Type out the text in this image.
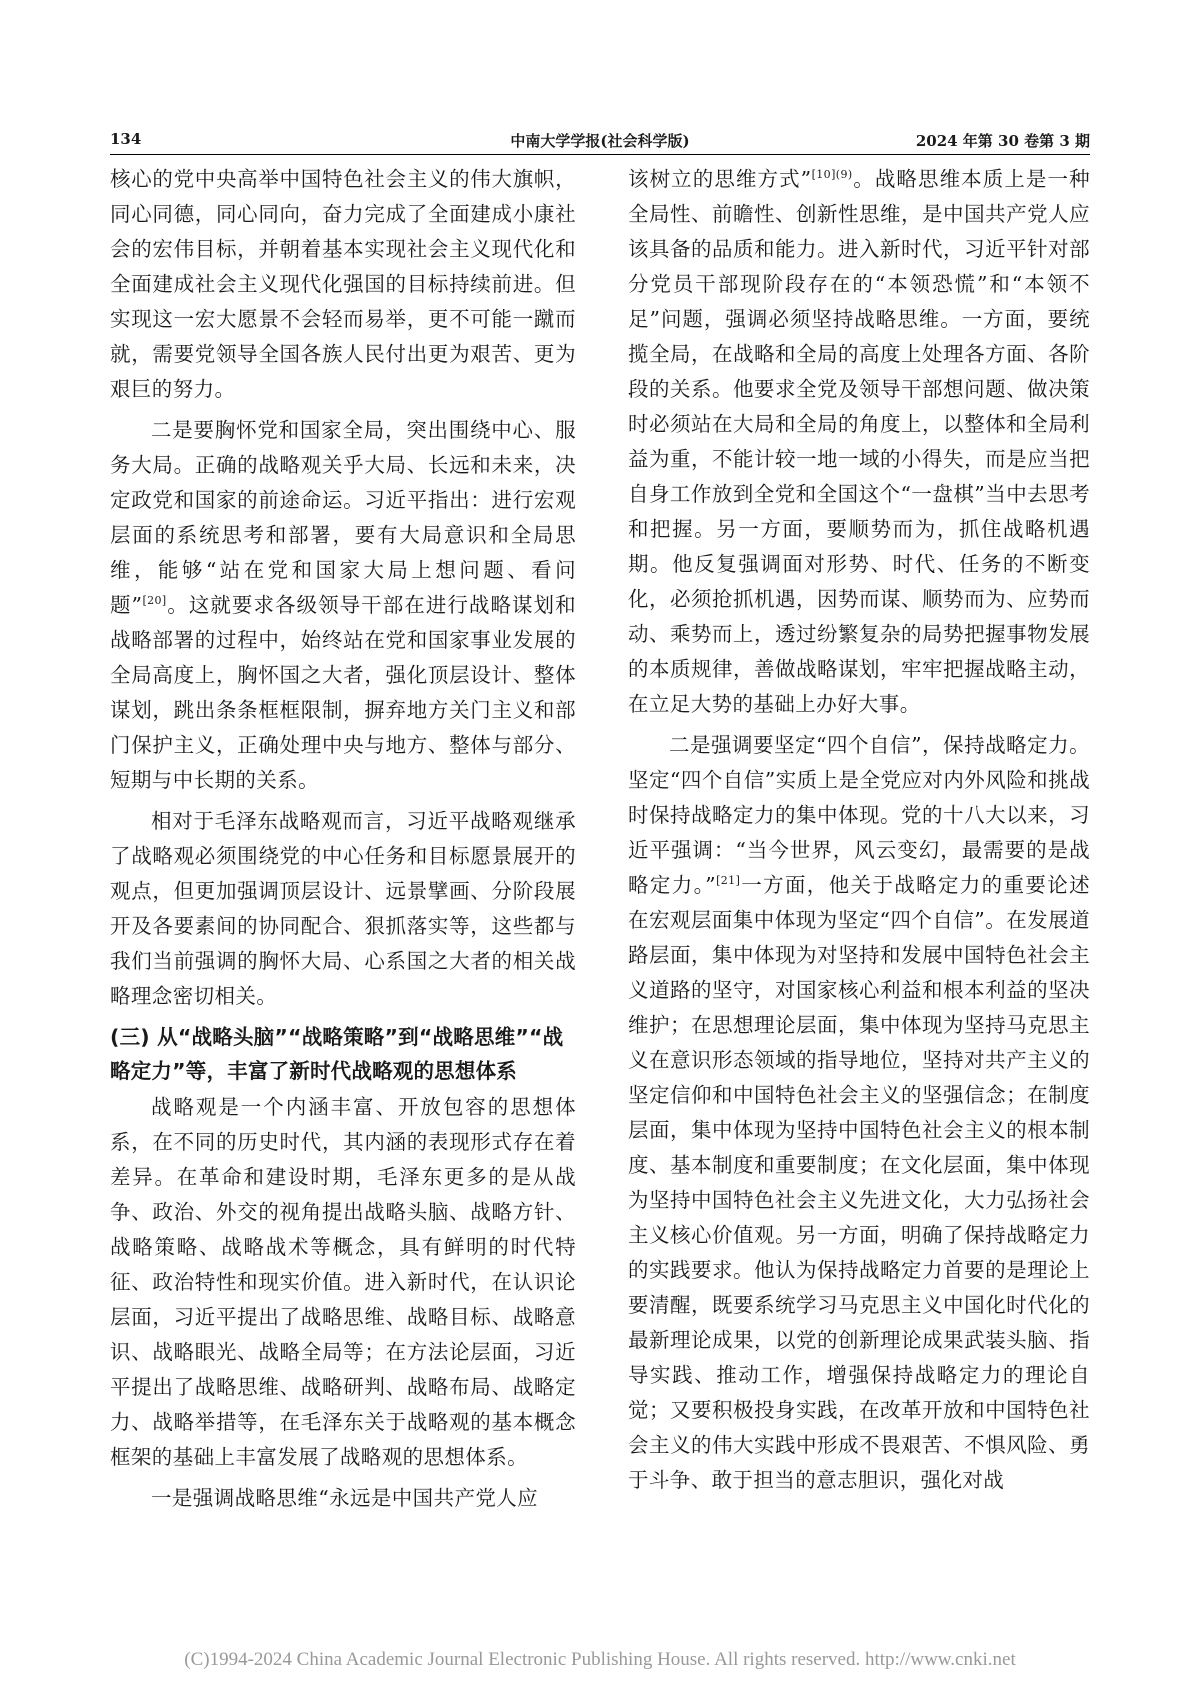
134	中南大学学报(社会科学版)	2024 年第 30 卷第 3 期

核心的党中央高举中国特色社会主义的伟大旗帜，同心同德，同心同向，奋力完成了全面建成小康社会的宏伟目标，并朝着基本实现社会主义现代化和全面建成社会主义现代化强国的目标持续前进。但实现这一宏大愿景不会轻而易举，更不可能一蹴而就，需要党领导全国各族人民付出更为艰苦、更为艰巨的努力。

二是要胸怀党和国家全局，突出围绕中心、服务大局。正确的战略观关乎大局、长远和未来，决定政党和国家的前途命运。习近平指出：进行宏观层面的系统思考和部署，要有大局意识和全局思维，能够“站在党和国家大局上想问题、看问题”[20]。这就要求各级领导干部在进行战略谋划和战略部署的过程中，始终站在党和国家事业发展的全局高度上，胸怀国之大者，强化顶层设计、整体谋划，跳出条条框框限制，摒弃地方关门主义和部门保护主义，正确处理中央与地方、整体与部分、短期与中长期的关系。

相对于毛泽东战略观而言，习近平战略观继承了战略观必须围绕党的中心任务和目标愿景展开的观点，但更加强调顶层设计、远景擘画、分阶段展开及各要素间的协同配合、狠抓落实等，这些都与我们当前强调的胸怀大局、心系国之大者的相关战略理念密切相关。

(三) 从“战略头脑”“战略策略”到“战略思维”“战略定力”等，丰富了新时代战略观的思想体系

战略观是一个内涵丰富、开放包容的思想体系，在不同的历史时代，其内涵的表现形式存在着差异。在革命和建设时期，毛泽东更多的是从战争、政治、外交的视角提出战略头脑、战略方针、战略策略、战略战术等概念，具有鲜明的时代特征、政治特性和现实价值。进入新时代，在认识论层面，习近平提出了战略思维、战略目标、战略意识、战略眼光、战略全局等；在方法论层面，习近平提出了战略思维、战略研判、战略布局、战略定力、战略举措等，在毛泽东关于战略观的基本概念框架的基础上丰富发展了战略观的思想体系。

一是强调战略思维“永远是中国共产党人应

该树立的思维方式”$^{[10](9)}$。战略思维本质上是一种全局性、前瞻性、创新性思维，是中国共产党人应该具备的品质和能力。进入新时代，习近平针对部分党员干部现阶段存在的“本领恐慌”和“本领不足”问题，强调必须坚持战略思维。一方面，要统揽全局，在战略和全局的高度上处理各方面、各阶段的关系。他要求全党及领导干部想问题、做决策时必须站在大局和全局的角度上，以整体和全局利益为重，不能计较一地一域的小得失，而是应当把自身工作放到全党和全国这个“一盘棋”当中去思考和把握。另一方面，要顺势而为，抓住战略机遇期。他反复强调面对形势、时代、任务的不断变化，必须抢抓机遇，因势而谋、顺势而为、应势而动、乘势而上，透过纷繁复杂的局势把握事物发展的本质规律，善做战略谋划，牢牢把握战略主动，在立足大势的基础上办好大事。

二是强调要坚定“四个自信”，保持战略定力。坚定“四个自信”实质上是全党应对内外风险和挑战时保持战略定力的集中体现。党的十八大以来，习近平强调：“当今世界，风云变幻，最需要的是战略定力。”[21]一方面，他关于战略定力的重要论述在宏观层面集中体现为坚定“四个自信”。在发展道路层面，集中体现为对坚持和发展中国特色社会主义道路的坚守，对国家核心利益和根本利益的坚决维护；在思想理论层面，集中体现为坚持马克思主义在意识形态领域的指导地位，坚持对共产主义的坚定信仰和中国特色社会主义的坚强信念；在制度层面，集中体现为坚持中国特色社会主义的根本制度、基本制度和重要制度；在文化层面，集中体现为坚持中国特色社会主义先进文化，大力弘扬社会主义核心价值观。另一方面，明确了保持战略定力的实践要求。他认为保持战略定力首要的是理论上要清醒，既要系统学习马克思主义中国化时代化的最新理论成果，以党的创新理论成果武装头脑、指导实践、推动工作，增强保持战略定力的理论自觉；又要积极投身实践，在改革开放和中国特色社会主义的伟大实践中形成不畏艰苦、不惧风险、勇于斗争、敢于担当的意志胆识，强化对战

(C)1994-2024 China Academic Journal Electronic Publishing House. All rights reserved. http://www.cnki.net
